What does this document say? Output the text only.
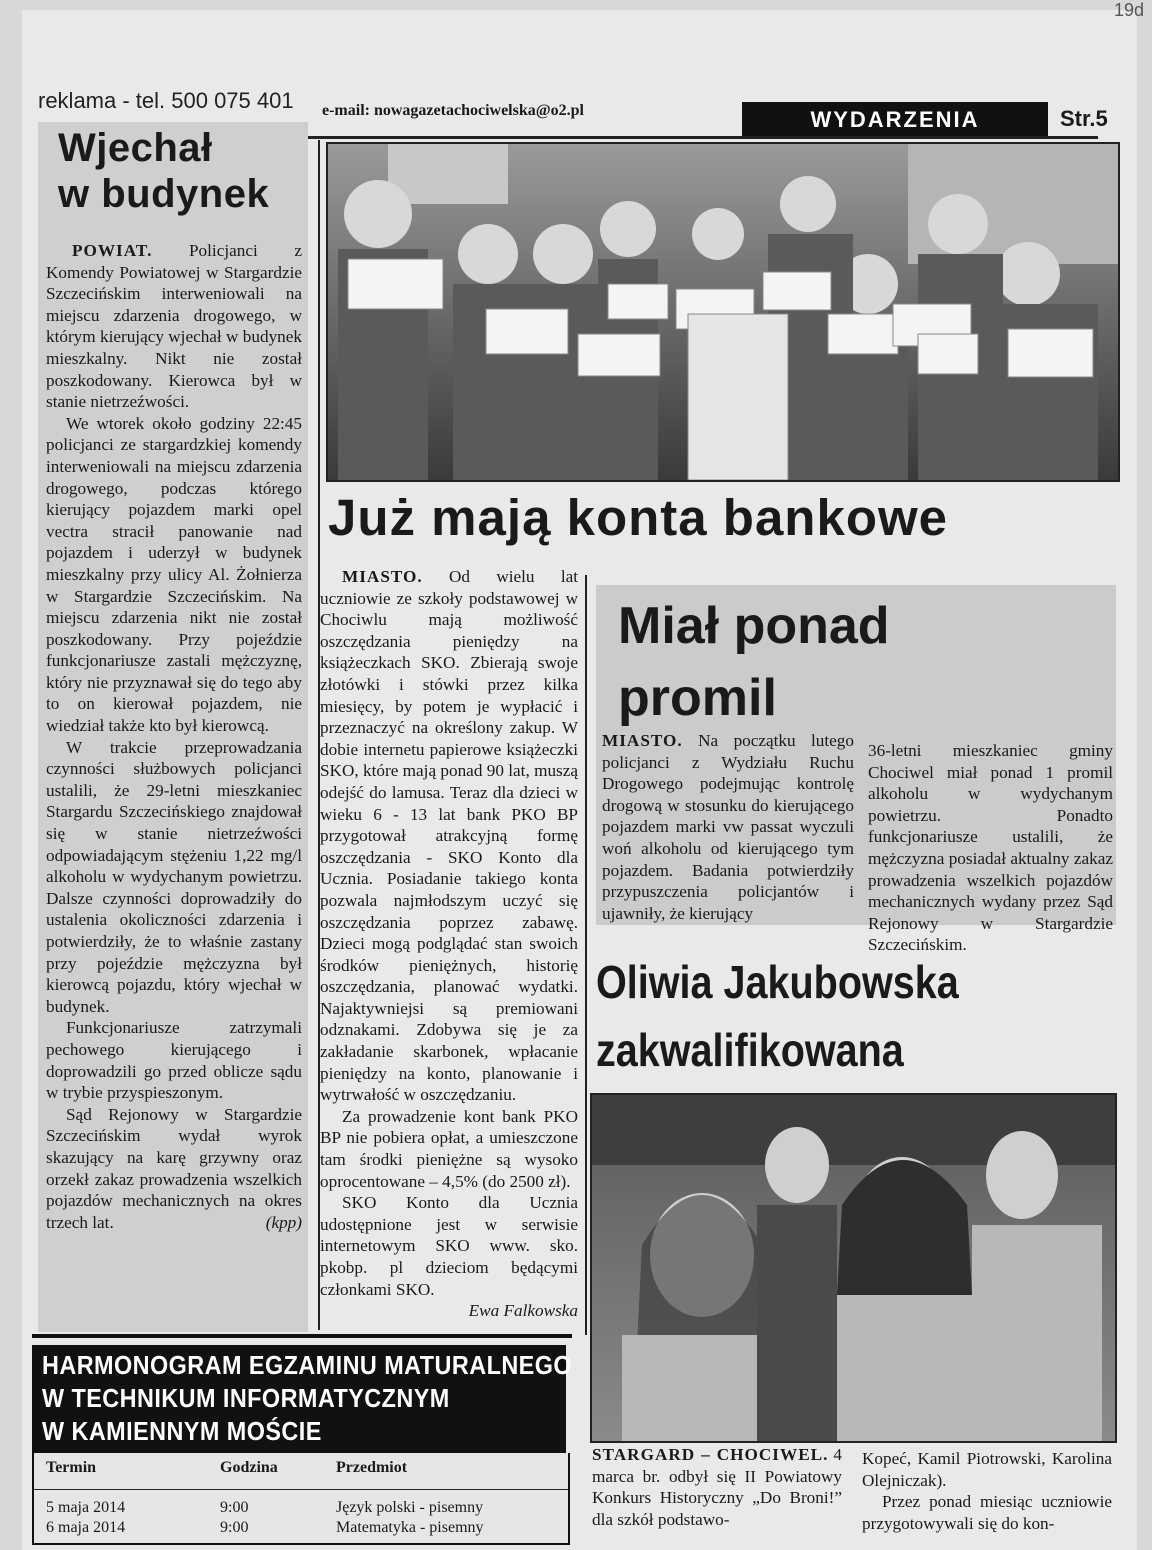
19d
reklama - tel. 500 075 401 e-mail: nowagazetachociwelska@o2.pl	WYDARZENIA	Str.5
Wjechał
w budynek

POWIAT. Policjanci z Komendy Powiatowej w Stargardzie Szczecińskim interweniowali na miejscu zdarzenia drogowego, w którym kierujący wjechał w budynek mieszkalny. Nikt nie został poszkodowany. Kierowca był w stanie nietrzeźwości.

We wtorek około godziny 22:45 policjanci ze stargardzkiej komendy interweniowali na miejscu zdarzenia drogowego, podczas którego kierujący pojazdem marki opel vectra stracił panowanie nad pojazdem i uderzył w budynek mieszkalny przy ulicy Al. Żołnierza w Stargardzie Szczecińskim. Na miejscu zdarzenia nikt nie został poszkodowany. Przy pojeździe funkcjonariusze zastali mężczyznę, który nie przyznawał się do tego aby to on kierował pojazdem, nie wiedział także kto był kierowcą.

W trakcie przeprowadzania czynności służbowych policjanci ustalili, że 29-letni mieszkaniec Stargardu Szczecińskiego znajdował się w stanie nietrzeźwości odpowiadającym stężeniu 1,22 mg/l alkoholu w wydychanym powietrzu. Dalsze czynności doprowadziły do ustalenia okoliczności zdarzenia i potwierdziły, że to właśnie zastany przy pojeździe mężczyzna był kierowcą pojazdu, który wjechał w budynek.

Funkcjonariusze zatrzymali pechowego kierującego i doprowadzili go przed oblicze sądu w trybie przyspieszonym.

Sąd Rejonowy w Stargardzie Szczecińskim wydał wyrok skazujący na karę grzywny oraz orzekł zakaz prowadzenia wszelkich pojazdów mechanicznych na okres trzech lat.	(kpp)

Już mają konta bankowe

MIASTO. Od wielu lat uczniowie ze szkoły podstawowej w Chociwlu mają możliwość oszczędzania pieniędzy na książeczkach SKO. Zbierają swoje złotówki i stówki przez kilka miesięcy, by potem je wypłacić i przeznaczyć na określony zakup. W dobie internetu papierowe książeczki SKO, które mają ponad 90 lat, muszą odejść do lamusa. Teraz dla dzieci w wieku 6 - 13 lat bank PKO BP przygotował atrakcyjną formę oszczędzania - SKO Konto dla Ucznia. Posiadanie takiego konta pozwala najmłodszym uczyć się oszczędzania poprzez zabawę. Dzieci mogą podglądać stan swoich środków pieniężnych, historię oszczędzania, planować wydatki. Najaktywniejsi są premiowani odznakami. Zdobywa się je za zakładanie skarbonek, wpłacanie pieniędzy na konto, planowanie i wytrwałość w oszczędzaniu.

Za prowadzenie kont bank PKO BP nie pobiera opłat, a umieszczone tam środki pieniężne są wysoko oprocentowane – 4,5% (do 2500 zł).

SKO Konto dla Ucznia udostępnione jest w serwisie internetowym SKO www. sko. pkobp. pl dzieciom będącymi członkami SKO.

Ewa Falkowska

Miał ponad
promil

MIASTO. Na początku lutego policjanci z Wydziału Ruchu Drogowego podejmując kontrolę drogową w stosunku do kierującego pojazdem marki vw passat wyczuli woń alkoholu od kierującego tym pojazdem. Badania potwierdziły przypuszczenia policjantów i ujawniły, że kierujący

36-letni mieszkaniec gminy Chociwel miał ponad 1 promil alkoholu w wydychanym powietrzu. Ponadto funkcjonariusze ustalili, że mężczyzna posiadał aktualny zakaz prowadzenia wszelkich pojazdów mechanicznych wydany przez Sąd Rejonowy w Stargardzie Szczecińskim.

Oliwia Jakubowska
zakwalifikowana

STARGARD – CHOCIWEL. 4 marca br. odbył się II Powiatowy Konkurs Historyczny „Do Broni!” dla szkół podstawo-

Kopeć, Kamil Piotrowski, Karolina Olejniczak).

Przez ponad miesiąc uczniowie przygotowywali się do kon-

HARMONOGRAM EGZAMINU MATURALNEGO
W TECHNIKUM INFORMATYCZNYM
W KAMIENNYM MOŚCIE
Termin	Godzina	Przedmiot
5 maja 2014	9:00	Język polski - pisemny
6 maja 2014	9:00	Matematyka - pisemny
